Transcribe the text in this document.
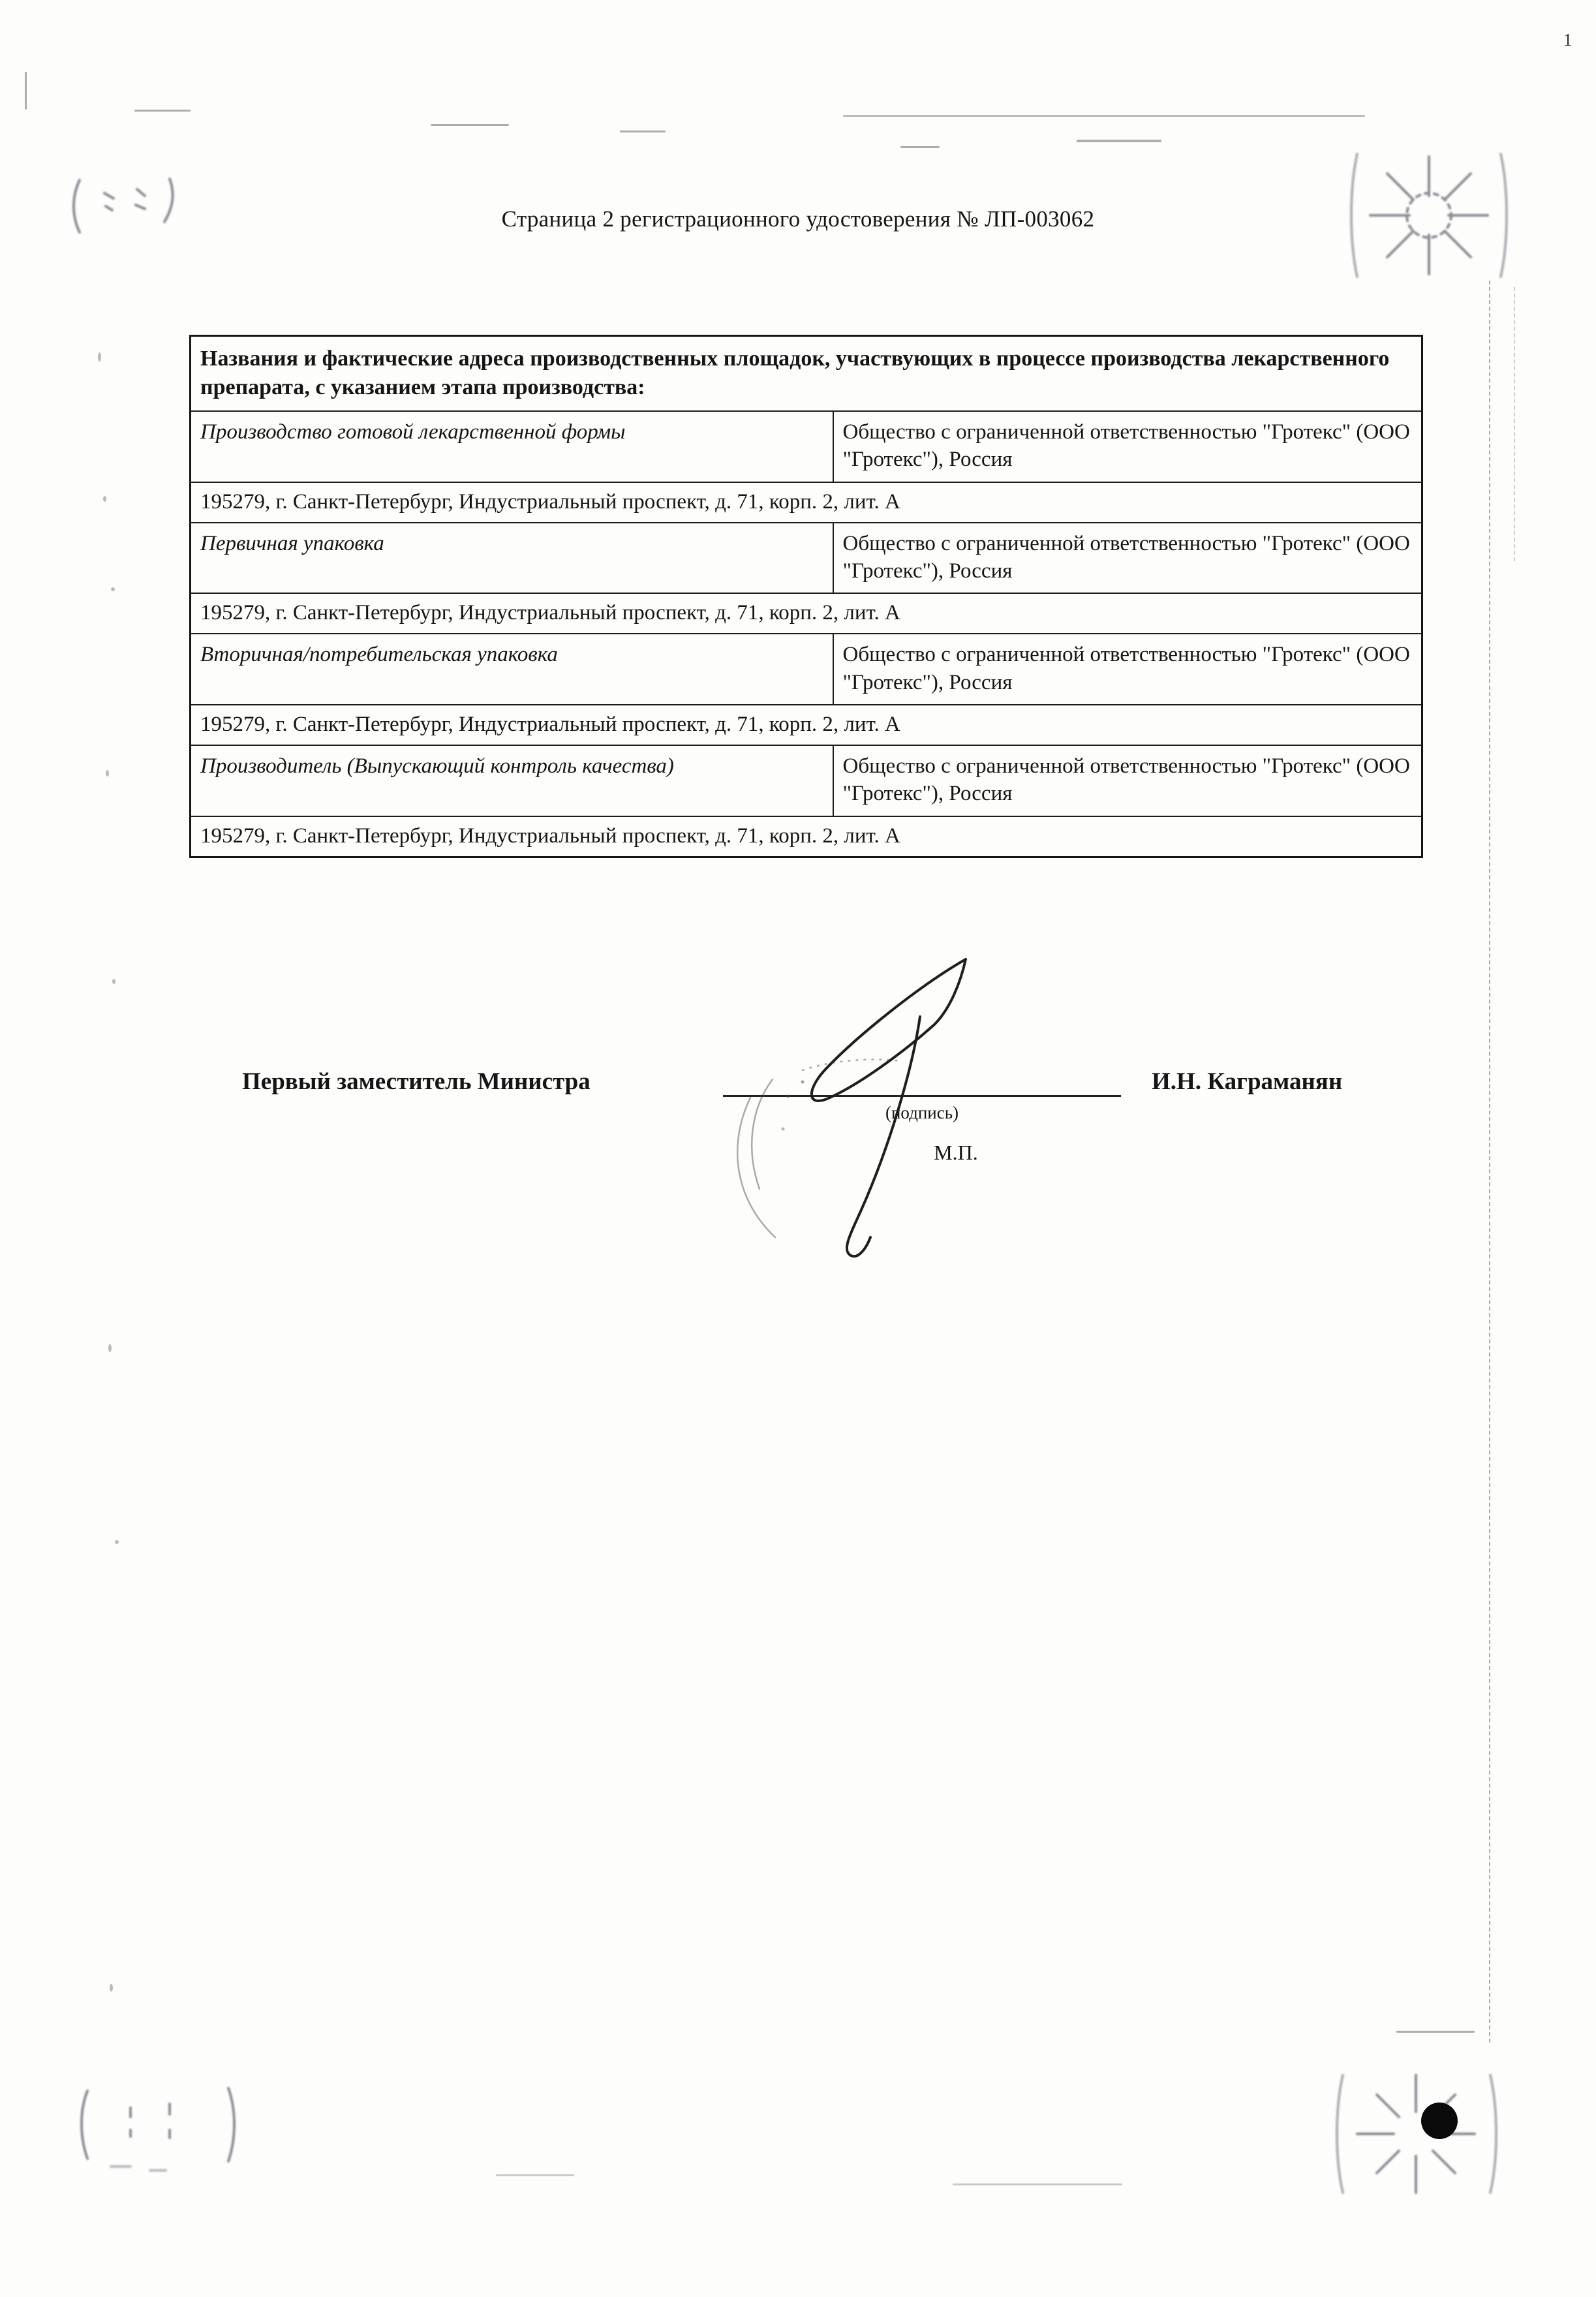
1
Страница 2 регистрационного удостоверения № ЛП-003062
Названия и фактические адреса производственных площадок, участвующих в процессе производства лекарственного препарата, с указанием этапа производства:	
Производство готовой лекарственной формы	Общество с ограниченной ответственностью "Гротекс" (ООО "Гротекс"), Россия
195279, г. Санкт-Петербург, Индустриальный проспект, д. 71, корп. 2, лит. А	
Первичная упаковка	Общество с ограниченной ответственностью "Гротекс" (ООО "Гротекс"), Россия
195279, г. Санкт-Петербург, Индустриальный проспект, д. 71, корп. 2, лит. А	
Вторичная/потребительская упаковка	Общество с ограниченной ответственностью "Гротекс" (ООО "Гротекс"), Россия
195279, г. Санкт-Петербург, Индустриальный проспект, д. 71, корп. 2, лит. А	
Производитель (Выпускающий контроль качества)	Общество с ограниченной ответственностью "Гротекс" (ООО "Гротекс"), Россия
195279, г. Санкт-Петербург, Индустриальный проспект, д. 71, корп. 2, лит. А	
Первый заместитель Министра
(подпись)
М.П.
И.Н. Каграманян
